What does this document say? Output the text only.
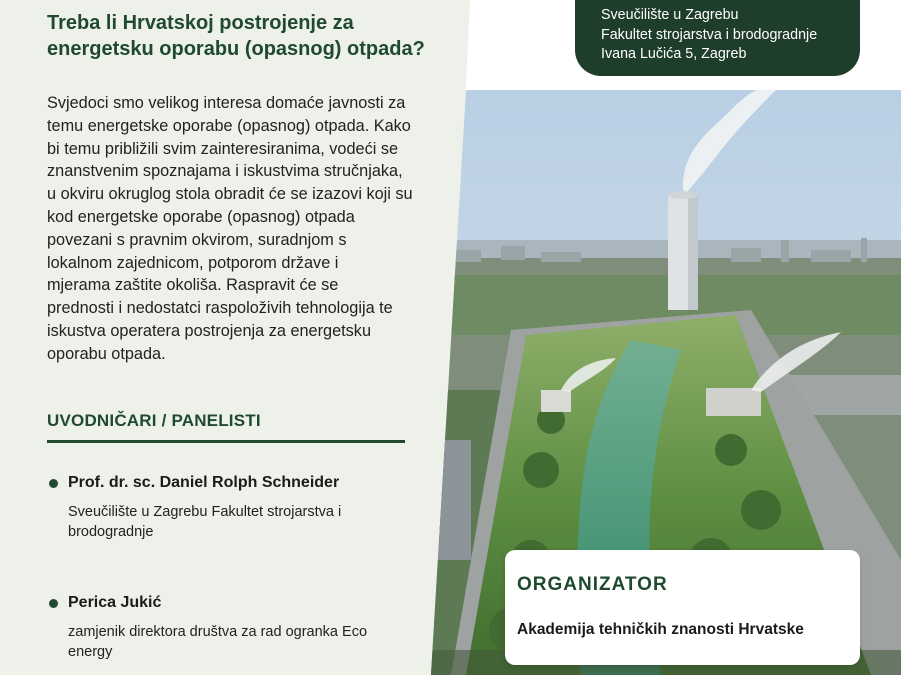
Treba li Hrvatskoj postrojenje za energetsku oporabu (opasnog) otpada?
Svjedoci smo velikog interesa domaće javnosti za
temu energetske oporabe (opasnog) otpada. Kako
bi temu približili svim zainteresiranima, vodeći se
znanstvenim spoznajama i iskustvima stručnjaka,
u okviru okruglog stola obradit će se izazovi koji su
kod energetske oporabe (opasnog) otpada
povezani s pravnim okvirom, suradnjom s
lokalnom zajednicom, potporom države i
mjerama zaštite okoliša. Raspravit će se
prednosti i nedostatci raspoloživih tehnologija te
iskustva operatera postrojenja za energetsku
oporabu otpada.
UVODNIČARI / PANELISTI
Prof. dr. sc. Daniel Rolph Schneider
Sveučilište u Zagrebu Fakultet strojarstva i
brodogradnje
Perica Jukić
zamjenik direktora društva za rad ogranka Eco
energy
Sveučilište u Zagrebu
Fakultet strojarstva i brodogradnje
Ivana Lučića 5, Zagreb
ORGANIZATOR
Akademija tehničkih znanosti Hrvatske
